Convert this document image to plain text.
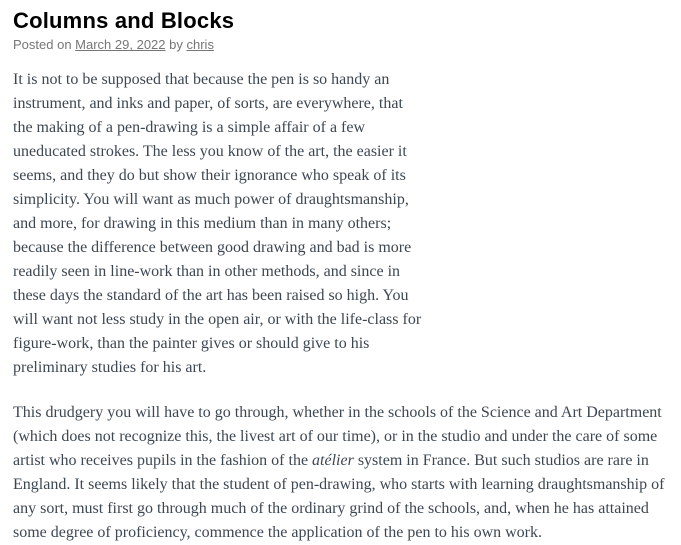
Columns and Blocks
Posted on March 29, 2022 by chris

It is not to be supposed that because the pen is so handy an instrument, and inks and paper, of sorts, are everywhere, that the making of a pen-drawing is a simple affair of a few uneducated strokes. The less you know of the art, the easier it seems, and they do but show their ignorance who speak of its simplicity. You will want as much power of draughtsmanship, and more, for drawing in this medium than in many others; because the difference between good drawing and bad is more readily seen in line-work than in other methods, and since in these days the standard of the art has been raised so high. You will want not less study in the open air, or with the life-class for figure-work, than the painter gives or should give to his preliminary studies for his art.

This drudgery you will have to go through, whether in the schools of the Science and Art Department (which does not recognize this, the livest art of our time), or in the studio and under the care of some artist who receives pupils in the fashion of the atélier system in France. But such studios are rare in England. It seems likely that the student of pen-drawing, who starts with learning draughtsmanship of any sort, must first go through much of the ordinary grind of the schools, and, when he has attained some degree of proficiency, commence the application of the pen to his own work.
